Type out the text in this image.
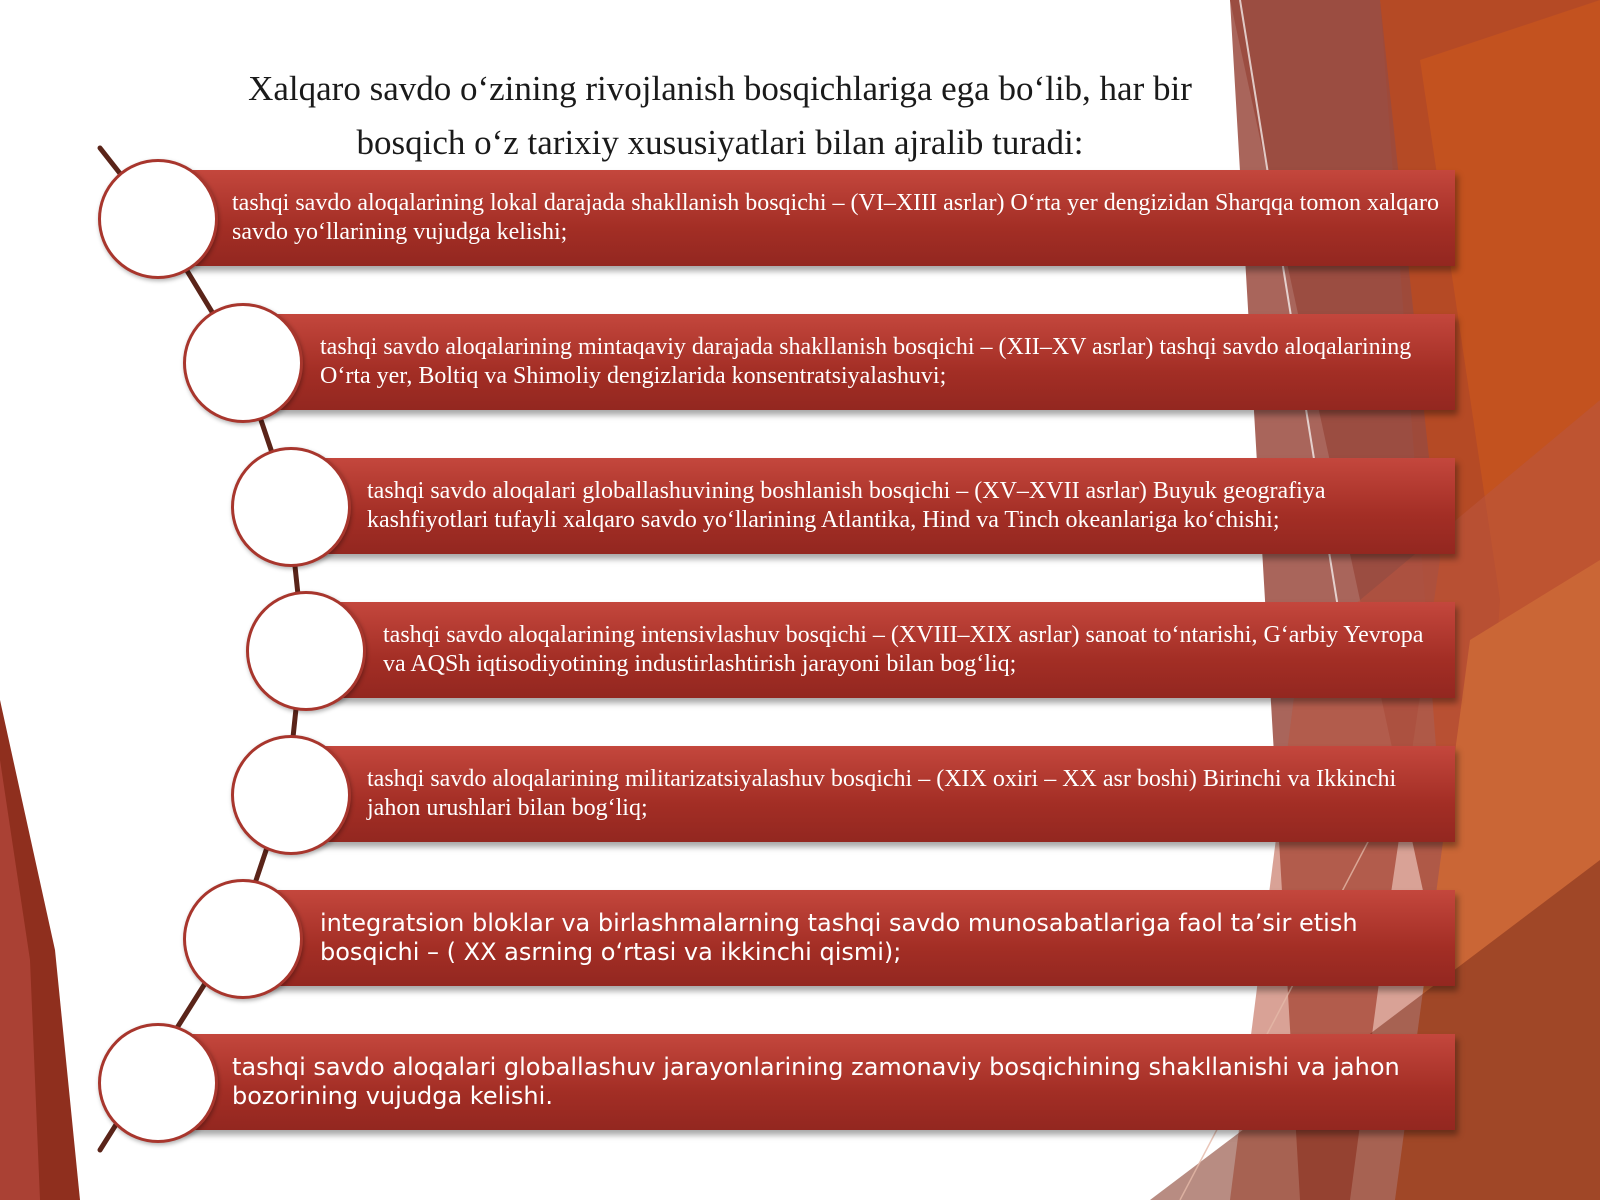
Xalqaro savdo o‘zining rivojlanish bosqichlariga ega bo‘lib, har bir
bosqich o‘z tarixiy xususiyatlari bilan ajralib turadi:
tashqi savdo aloqalarining lokal darajada shakllanish bosqichi – (VI–XIII asrlar) O‘rta yer dengizidan Sharqqa tomon xalqaro savdo yo‘llarining vujudga kelishi;
tashqi savdo aloqalarining mintaqaviy darajada shakllanish bosqichi – (XII–XV asrlar) tashqi savdo aloqalarining O‘rta yer, Boltiq va Shimoliy dengizlarida konsentratsiyalashuvi;
tashqi savdo aloqalari globallashuvining boshlanish bosqichi – (XV–XVII asrlar) Buyuk geografiya kashfiyotlari tufayli xalqaro savdo yo‘llarining Atlantika, Hind va Tinch okeanlariga ko‘chishi;
tashqi savdo aloqalarining intensivlashuv bosqichi – (XVIII–XIX asrlar) sanoat to‘ntarishi, G‘arbiy Yevropa va AQSh iqtisodiyotining industirlashtirish jarayoni bilan bog‘liq;
tashqi savdo aloqalarining militarizatsiyalashuv bosqichi – (XIX oxiri – XX asr boshi) Birinchi va Ikkinchi jahon urushlari bilan bog‘liq;
integratsion bloklar va birlashmalarning tashqi savdo munosabatlariga faol ta’sir etish bosqichi – ( XX asrning o‘rtasi va ikkinchi qismi);
tashqi savdo aloqalari globallashuv jarayonlarining zamonaviy bosqichining shakllanishi va jahon bozorining vujudga kelishi.
